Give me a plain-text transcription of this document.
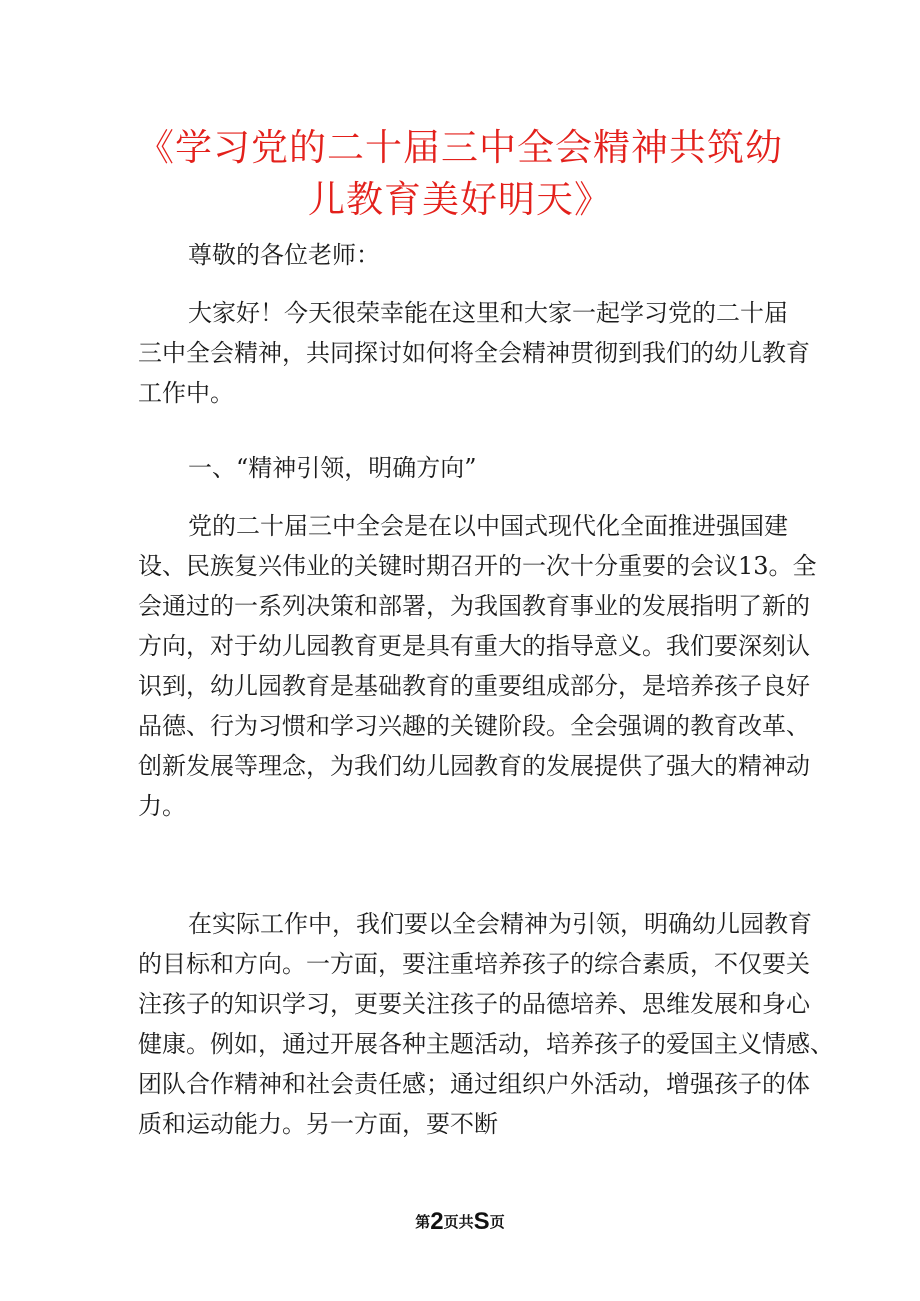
《学习党的二十届三中全会精神共筑幼
儿教育美好明天》

尊敬的各位老师：

大家好！今天很荣幸能在这里和大家一起学习党的二十届
三中全会精神，共同探讨如何将全会精神贯彻到我们的幼儿教育
工作中。

一、“精神引领，明确方向”

党的二十届三中全会是在以中国式现代化全面推进强国建
设、民族复兴伟业的关键时期召开的一次十分重要的会议13。全
会通过的一系列决策和部署，为我国教育事业的发展指明了新的
方向，对于幼儿园教育更是具有重大的指导意义。我们要深刻认
识到，幼儿园教育是基础教育的重要组成部分，是培养孩子良好
品德、行为习惯和学习兴趣的关键阶段。全会强调的教育改革、
创新发展等理念，为我们幼儿园教育的发展提供了强大的精神动
力。

在实际工作中，我们要以全会精神为引领，明确幼儿园教育
的目标和方向。一方面，要注重培养孩子的综合素质，不仅要关
注孩子的知识学习，更要关注孩子的品德培养、思维发展和身心
健康。例如，通过开展各种主题活动，培养孩子的爱国主义情感、
团队合作精神和社会责任感；通过组织户外活动，增强孩子的体
质和运动能力。另一方面，要不断

第2页共S页
